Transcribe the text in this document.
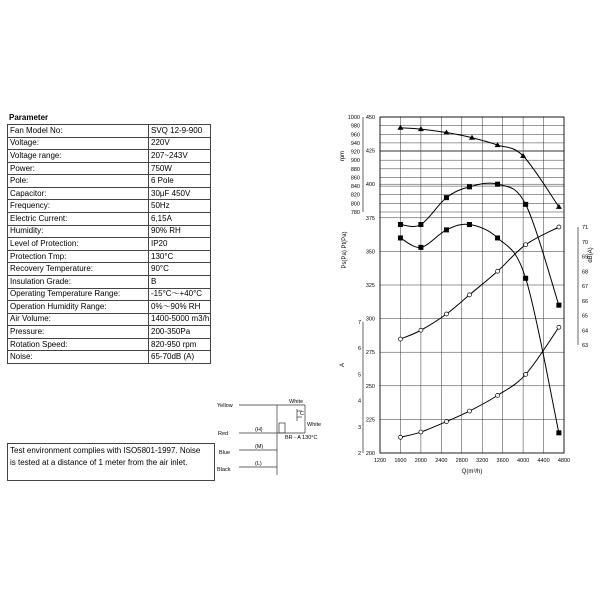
Parameter
Fan Model No:	SVQ 12-9-900
Voltage:	220V
Voltage range:	207~243V
Power:	750W
Pole:	6 Pole
Capacitor:	30μF 450V
Frequency:	50Hz
Electric Current:	6,15A
Humidity:	90% RH
Level of Protection:	IP20
Protection Tmp:	130°C
Recovery Temperature:	90°C
Insulation Grade:	B
Operating Temperature Range:	-15°C～+40°C
Operation Humidity Range:	0%～90% RH
Air Volume:	1400-5000 m3/h
Pressure:	200-350Pa
Rotation Speed:	820-950 rpm
Noise:	65-70dB (A)
Test environment complies with ISO5801-1997. Noise
is tested at a distance of 1 meter from the air inlet.
Yellow
White
C
White
Red
(H)
BR - A 130°C
Blue
(M)
Black
(L)	1200 1600 2000 2400 2800 3200 3600 4000 4400 4800
780
800
820
840
860
880
900
920
940
960
980
1000
200
225
250
275
300
325
350
375
400
425
450
2
3
4
5
6
7
63
64
65
66
67
68
69
70
71
rpm
Ps(Pa) Pt(Pa)
A
dB(A)
Q(m³/h)
